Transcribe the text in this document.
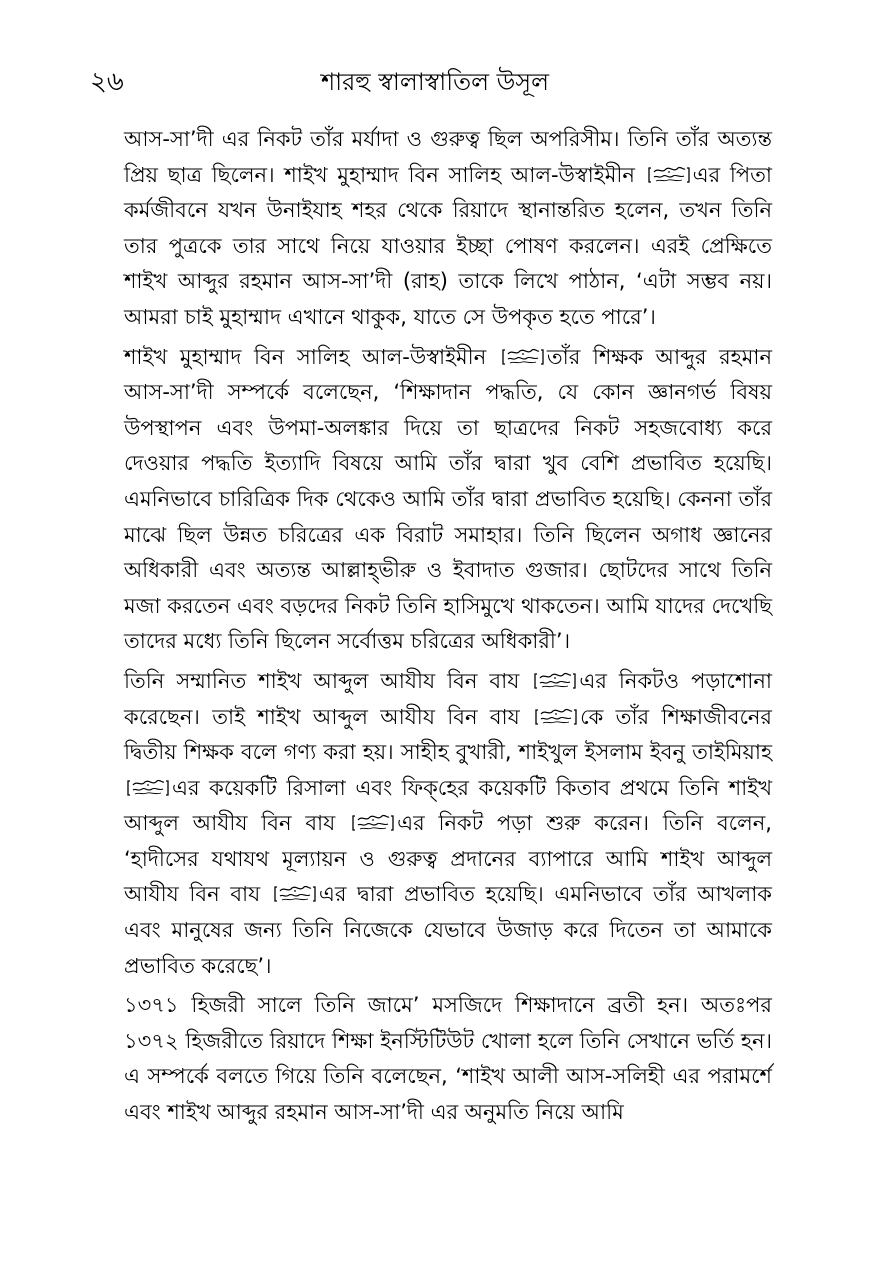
২৬	শারহু স্বালাস্বাতিল উসূল

আস-সা’দী এর নিকট তাঁর মর্যাদা ও গুরুত্ব ছিল অপরিসীম। তিনি তাঁর অত্যন্ত প্রিয় ছাত্র ছিলেন। শাইখ মুহাম্মাদ বিন সালিহ আল-উস্বাইমীন	এর পিতা কর্মজীবনে যখন উনাইযাহ শহর থেকে রিয়াদে স্থানান্তরিত হলেন, তখন তিনি তার পুত্রকে তার সাথে নিয়ে যাওয়ার ইচ্ছা পোষণ করলেন। এরই প্রেক্ষিতে শাইখ আব্দুর রহমান আস-সা’দী (রাহ) তাকে লিখে পাঠান, ‘এটা সম্ভব নয়। আমরা চাই মুহাম্মাদ এখানে থাকুক, যাতে সে উপকৃত হতে পারে’।

শাইখ মুহাম্মাদ বিন সালিহ আল-উস্বাইমীন	তাঁর শিক্ষক আব্দুর রহমান আস-সা’দী সম্পর্কে বলেছেন, ‘শিক্ষাদান পদ্ধতি, যে কোন জ্ঞানগর্ভ বিষয় উপস্থাপন এবং উপমা-অলঙ্কার দিয়ে তা ছাত্রদের নিকট সহজবোধ্য করে দেওয়ার পদ্ধতি ইত্যাদি বিষয়ে আমি তাঁর দ্বারা খুব বেশি প্রভাবিত হয়েছি। এমনিভাবে চারিত্রিক দিক থেকেও আমি তাঁর দ্বারা প্রভাবিত হয়েছি। কেননা তাঁর মাঝে ছিল উন্নত চরিত্রের এক বিরাট সমাহার। তিনি ছিলেন অগাধ জ্ঞানের অধিকারী এবং অত্যন্ত আল্লাহ্‌ভীরু ও ইবাদাত গুজার। ছোটদের সাথে তিনি মজা করতেন এবং বড়দের নিকট তিনি হাসিমুখে থাকতেন। আমি যাদের দেখেছি তাদের মধ্যে তিনি ছিলেন সর্বোত্তম চরিত্রের অধিকারী’।

তিনি সম্মানিত শাইখ আব্দুল আযীয বিন বায	এর নিকটও পড়াশোনা করেছেন। তাই শাইখ আব্দুল আযীয বিন বায	কে তাঁর শিক্ষাজীবনের দ্বিতীয় শিক্ষক বলে গণ্য করা হয়। সাহীহ বুখারী, শাইখুল ইসলাম ইবনু তাইমিয়াহ
এর কয়েকটি রিসালা এবং ফিক্‌হের কয়েকটি কিতাব প্রথমে তিনি শাইখ আব্দুল আযীয বিন বায	এর নিকট পড়া শুরু করেন। তিনি বলেন, ‘হাদীসের যথাযথ মূল্যায়ন ও গুরুত্ব প্রদানের ব্যাপারে আমি শাইখ আব্দুল আযীয বিন বায	এর দ্বারা প্রভাবিত হয়েছি। এমনিভাবে তাঁর আখলাক এবং মানুষের জন্য তিনি নিজেকে যেভাবে উজাড় করে দিতেন তা আমাকে প্রভাবিত করেছে’।

১৩৭১ হিজরী সালে তিনি জামে’ মসজিদে শিক্ষাদানে ব্রতী হন। অতঃপর ১৩৭২ হিজরীতে রিয়াদে শিক্ষা ইনস্টিটিউট খোলা হলে তিনি সেখানে ভর্তি হন। এ সম্পর্কে বলতে গিয়ে তিনি বলেছেন, ‘শাইখ আলী আস-সলিহী এর পরামর্শে এবং শাইখ আব্দুর রহমান আস-সা’দী এর অনুমতি নিয়ে আমি
